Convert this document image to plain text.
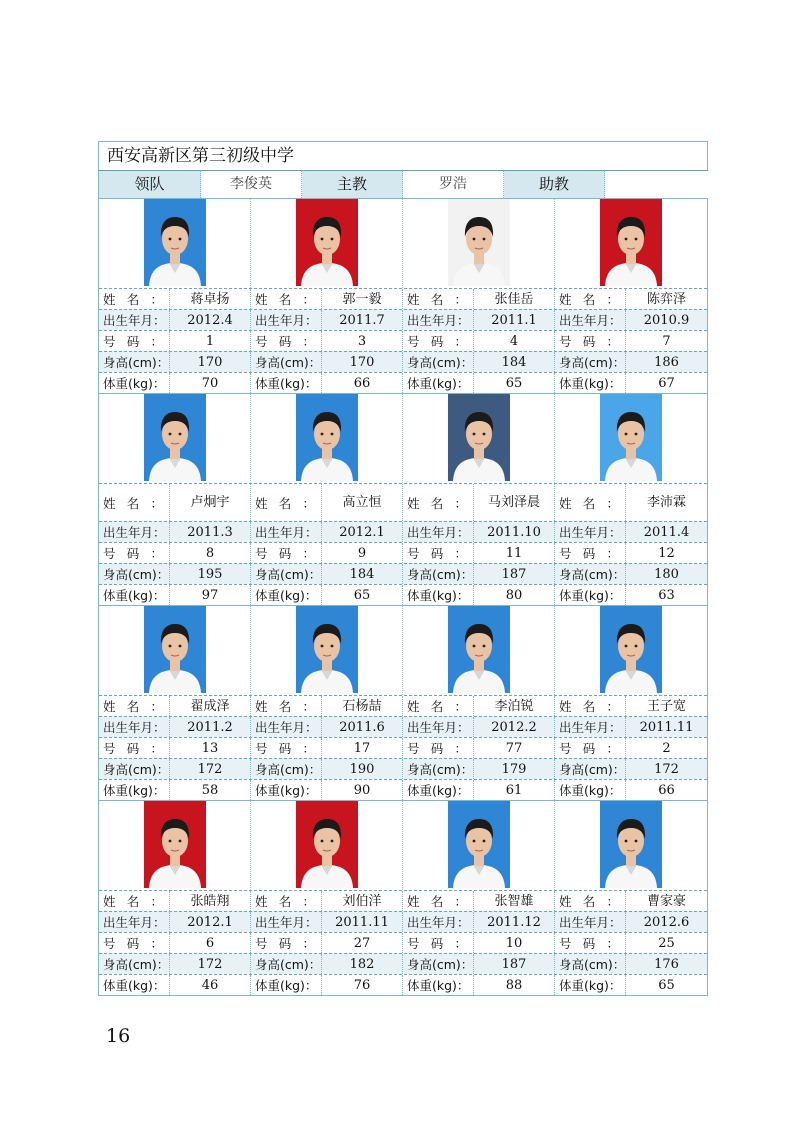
西安高新区第三初级中学
领队	李俊英	主教	罗浩	助教
姓 名 ：	蒋卓扬	姓 名 ：	郭一毅	姓 名 ：	张佳岳	姓 名 ：	陈弈泽
出生年月：	2012.4	出生年月：	2011.7	出生年月：	2011.1	出生年月：	2010.9
号 码 ：	1	号 码 ：	3	号 码 ：	4	号 码 ：	7
身高(cm)：	170	身高(cm)：	170	身高(cm)：	184	身高(cm)：	186
体重(kg)：	70	体重(kg)：	66	体重(kg)：	65	体重(kg)：	67
姓 名 ：	卢炯宇	姓 名 ：	高立恒	姓 名 ：	马刘泽晨	姓 名 ：	李沛霖
出生年月：	2011.3	出生年月：	2012.1	出生年月：	2011.10	出生年月：	2011.4
号 码 ：	8	号 码 ：	9	号 码 ：	11	号 码 ：	12
身高(cm)：	195	身高(cm)：	184	身高(cm)：	187	身高(cm)：	180
体重(kg)：	97	体重(kg)：	65	体重(kg)：	80	体重(kg)：	63
姓 名 ：	翟成泽	姓 名 ：	石杨喆	姓 名 ：	李泊锐	姓 名 ：	王子宽
出生年月：	2011.2	出生年月：	2011.6	出生年月：	2012.2	出生年月：	2011.11
号 码 ：	13	号 码 ：	17	号 码 ：	77	号 码 ：	2
身高(cm)：	172	身高(cm)：	190	身高(cm)：	179	身高(cm)：	172
体重(kg)：	58	体重(kg)：	90	体重(kg)：	61	体重(kg)：	66
姓 名 ：	张皓翔	姓 名 ：	刘伯洋	姓 名 ：	张智雄	姓 名 ：	曹家豪
出生年月：	2012.1	出生年月：	2011.11	出生年月：	2011.12	出生年月：	2012.6
号 码 ：	6	号 码 ：	27	号 码 ：	10	号 码 ：	25
身高(cm)：	172	身高(cm)：	182	身高(cm)：	187	身高(cm)：	176
体重(kg)：	46	体重(kg)：	76	体重(kg)：	88	体重(kg)：	65
16
